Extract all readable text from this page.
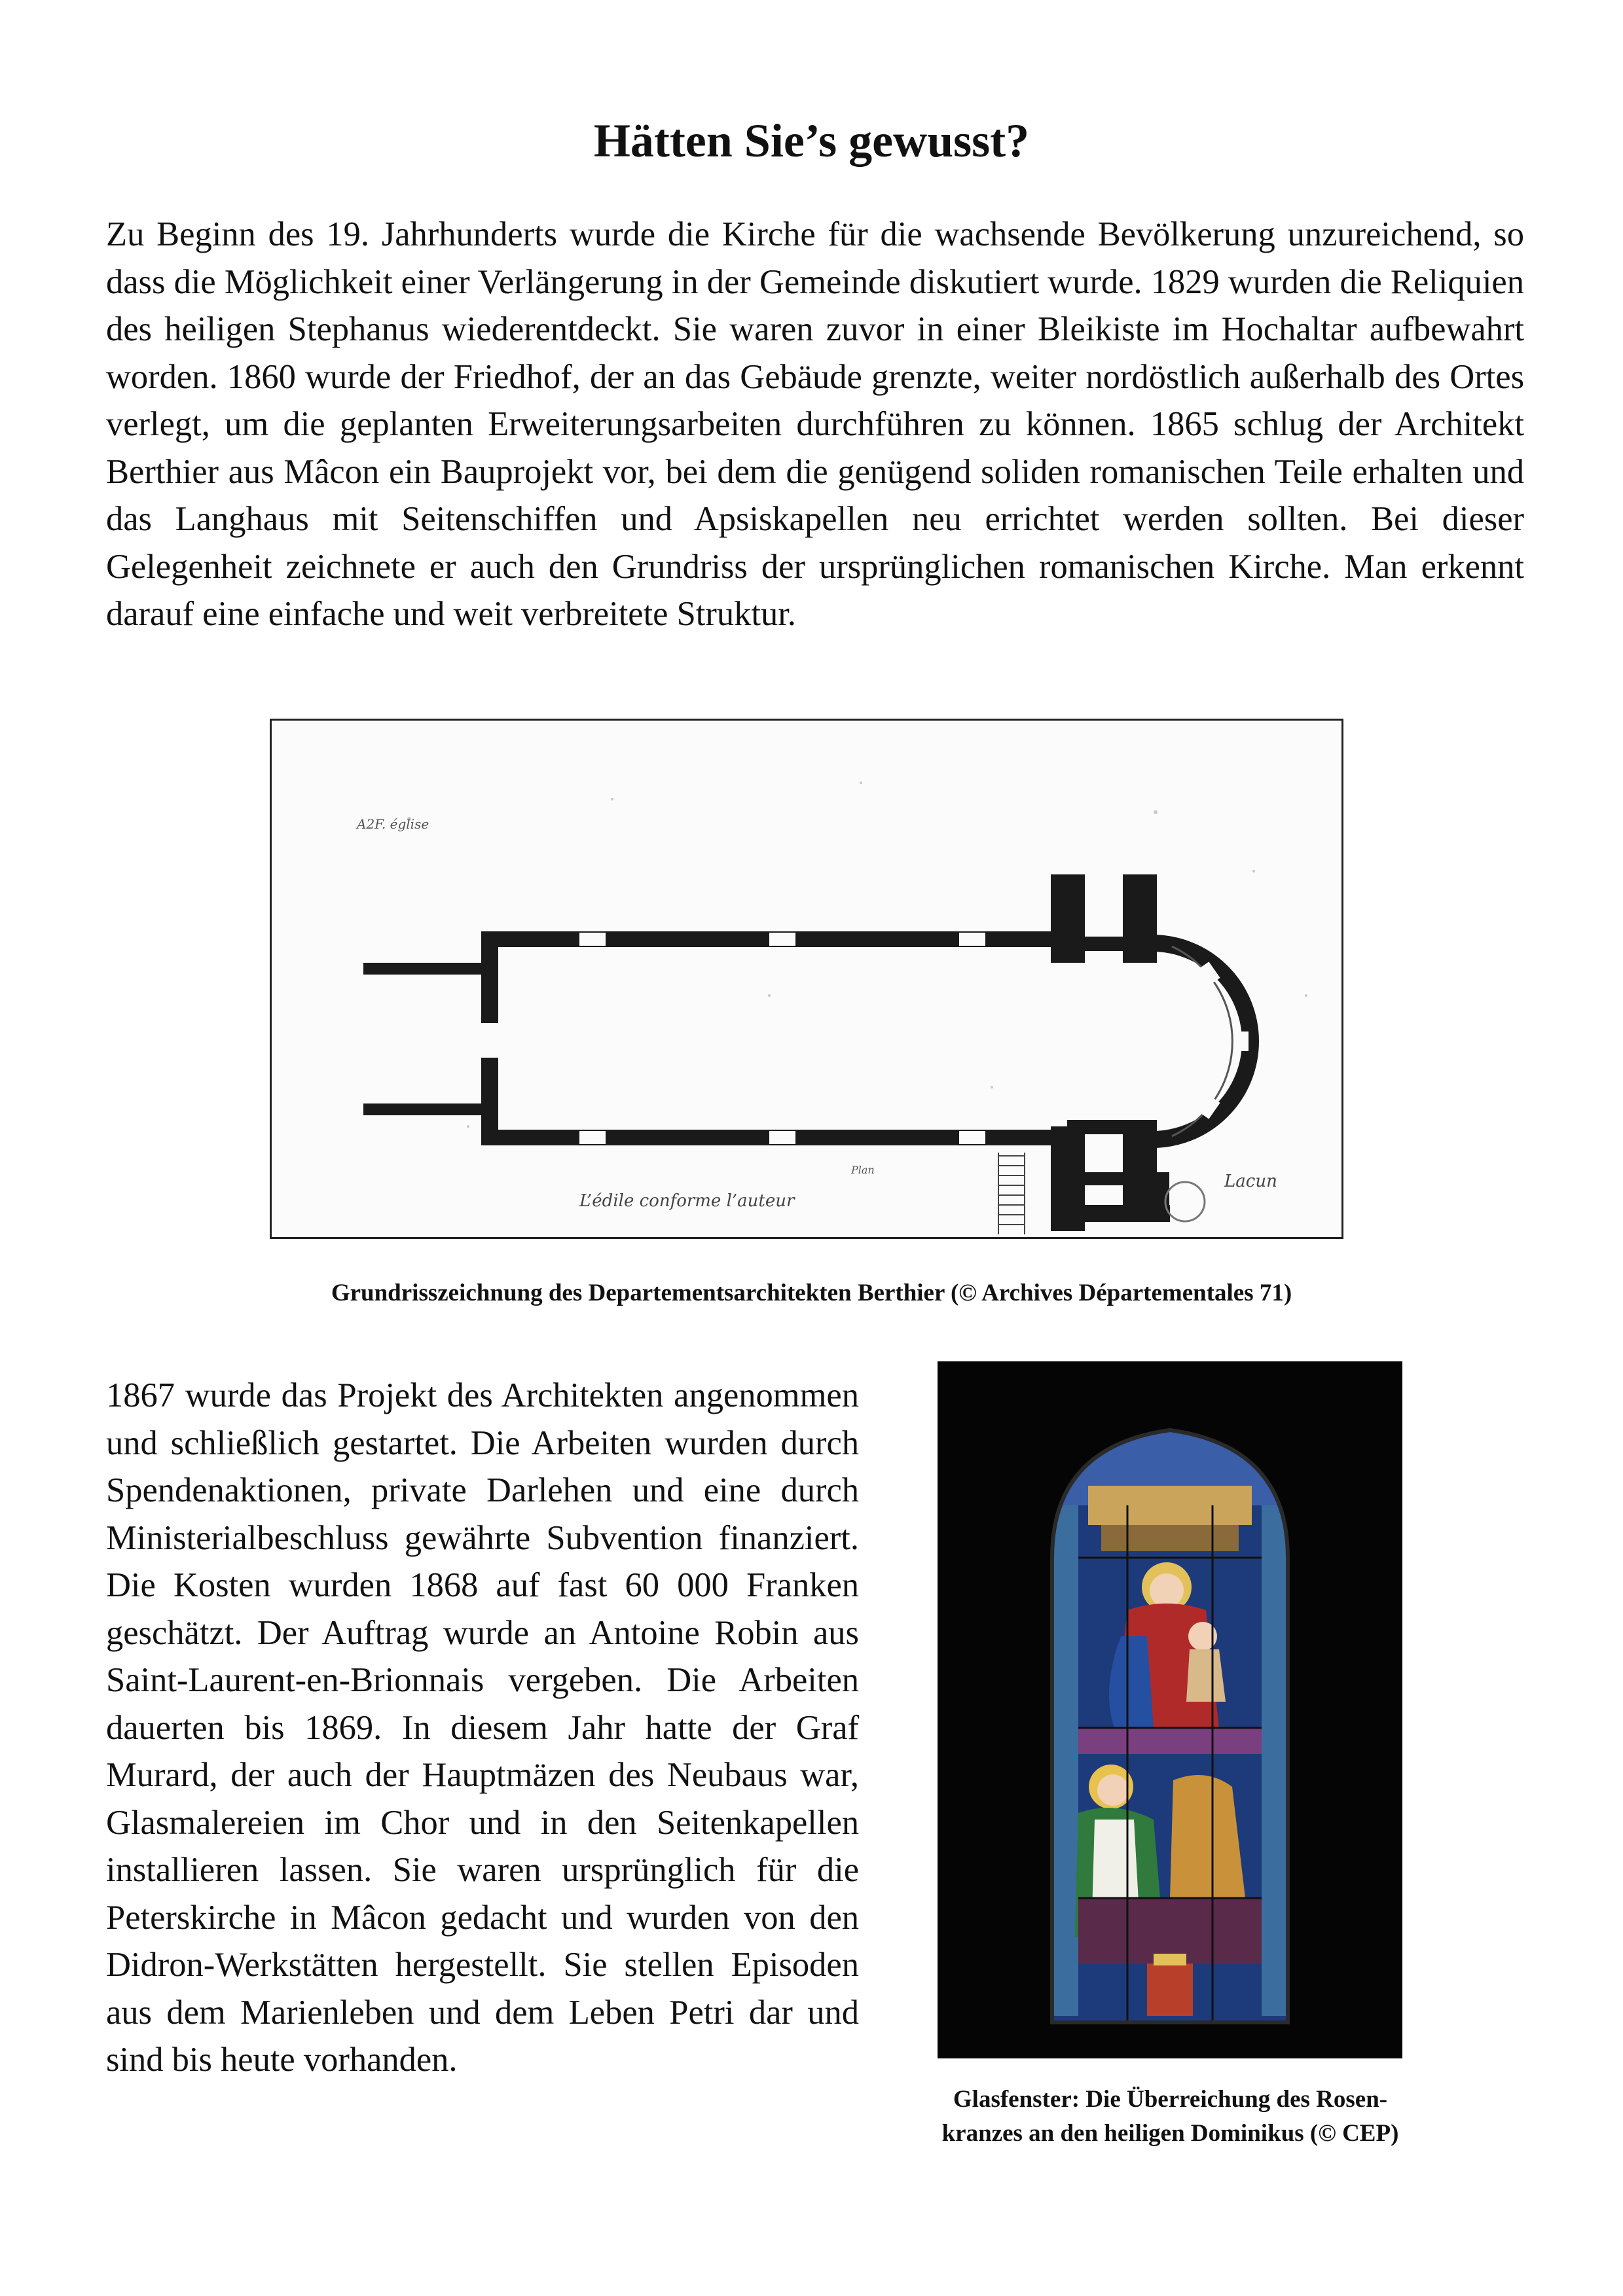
Hätten Sie’s gewusst?

Zu Beginn des 19. Jahrhunderts wurde die Kirche für die wachsende Bevölkerung unzureichend, so dass die Möglichkeit einer Verlängerung in der Gemeinde diskutiert wurde. 1829 wurden die Reliquien des heiligen Stephanus wiederentdeckt. Sie waren zuvor in einer Bleikiste im Hochaltar aufbewahrt worden. 1860 wurde der Friedhof, der an das Gebäude grenzte, weiter nordöstlich außerhalb des Ortes verlegt, um die geplanten Erweiterungsarbeiten durchführen zu können. 1865 schlug der Architekt Berthier aus Mâcon ein Bauprojekt vor, bei dem die genügend soliden romanischen Teile erhalten und das Langhaus mit Seitenschiffen und Apsiskapellen neu errichtet werden sollten. Bei dieser Gelegenheit zeichnete er auch den Grundriss der ursprünglichen romanischen Kirche. Man erkennt darauf eine einfache und weit verbreitete Struktur.

A2F. église
L’édile conforme l’auteur
Plan
Lacun

Grundrisszeichnung des Departementsarchitekten Berthier (© Archives Départementales 71)

1867 wurde das Projekt des Architekten angenommen und schließlich gestartet. Die Arbeiten wurden durch Spendenaktionen, private Darlehen und eine durch Ministerialbeschluss gewährte Subvention finanziert. Die Kosten wurden 1868 auf fast 60 000 Franken geschätzt. Der Auftrag wurde an Antoine Robin aus Saint-Laurent-en-Brionnais vergeben. Die Arbeiten dauerten bis 1869. In diesem Jahr hatte der Graf Murard, der auch der Hauptmäzen des Neubaus war, Glasmalereien im Chor und in den Seitenkapellen installieren lassen. Sie waren ursprünglich für die Peterskirche in Mâcon gedacht und wurden von den Didron-Werkstätten hergestellt. Sie stellen Episoden aus dem Marienleben und dem Leben Petri dar und sind bis heute vorhanden.

Glasfenster: Die Überreichung des Rosen-
kranzes an den heiligen Dominikus (© CEP)
